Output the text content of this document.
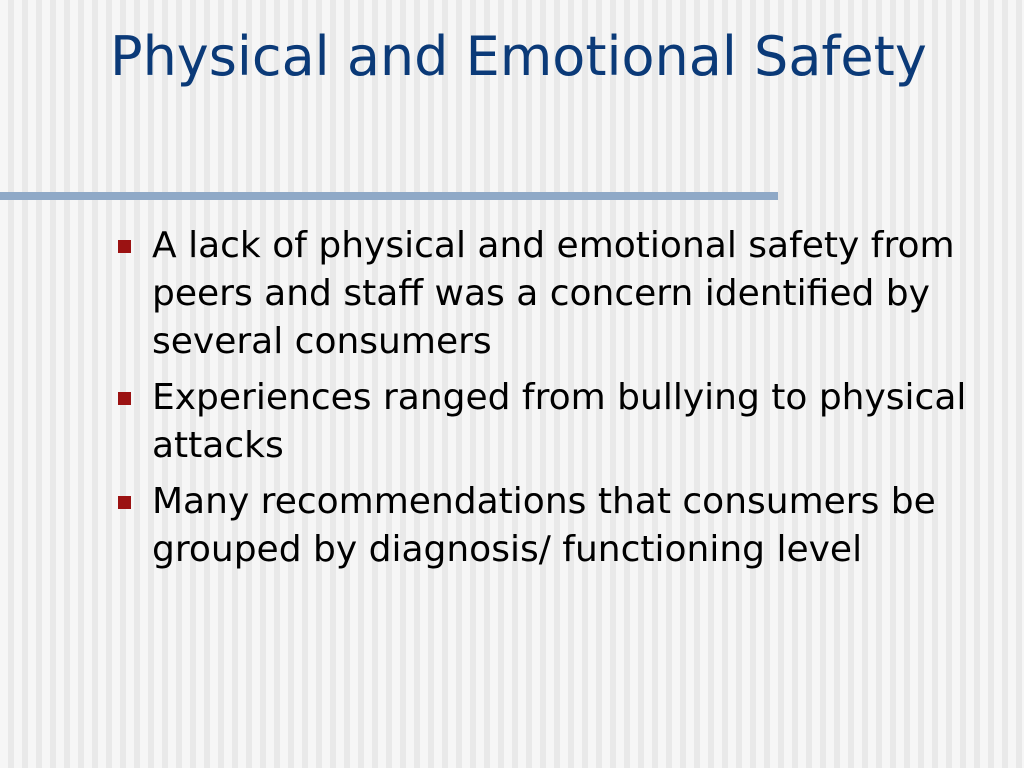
Physical and Emotional Safety
A lack of physical and emotional safety from peers and staff was a concern identified by several consumers
Experiences ranged from bullying to physical attacks
Many recommendations that consumers be grouped by diagnosis/ functioning level
